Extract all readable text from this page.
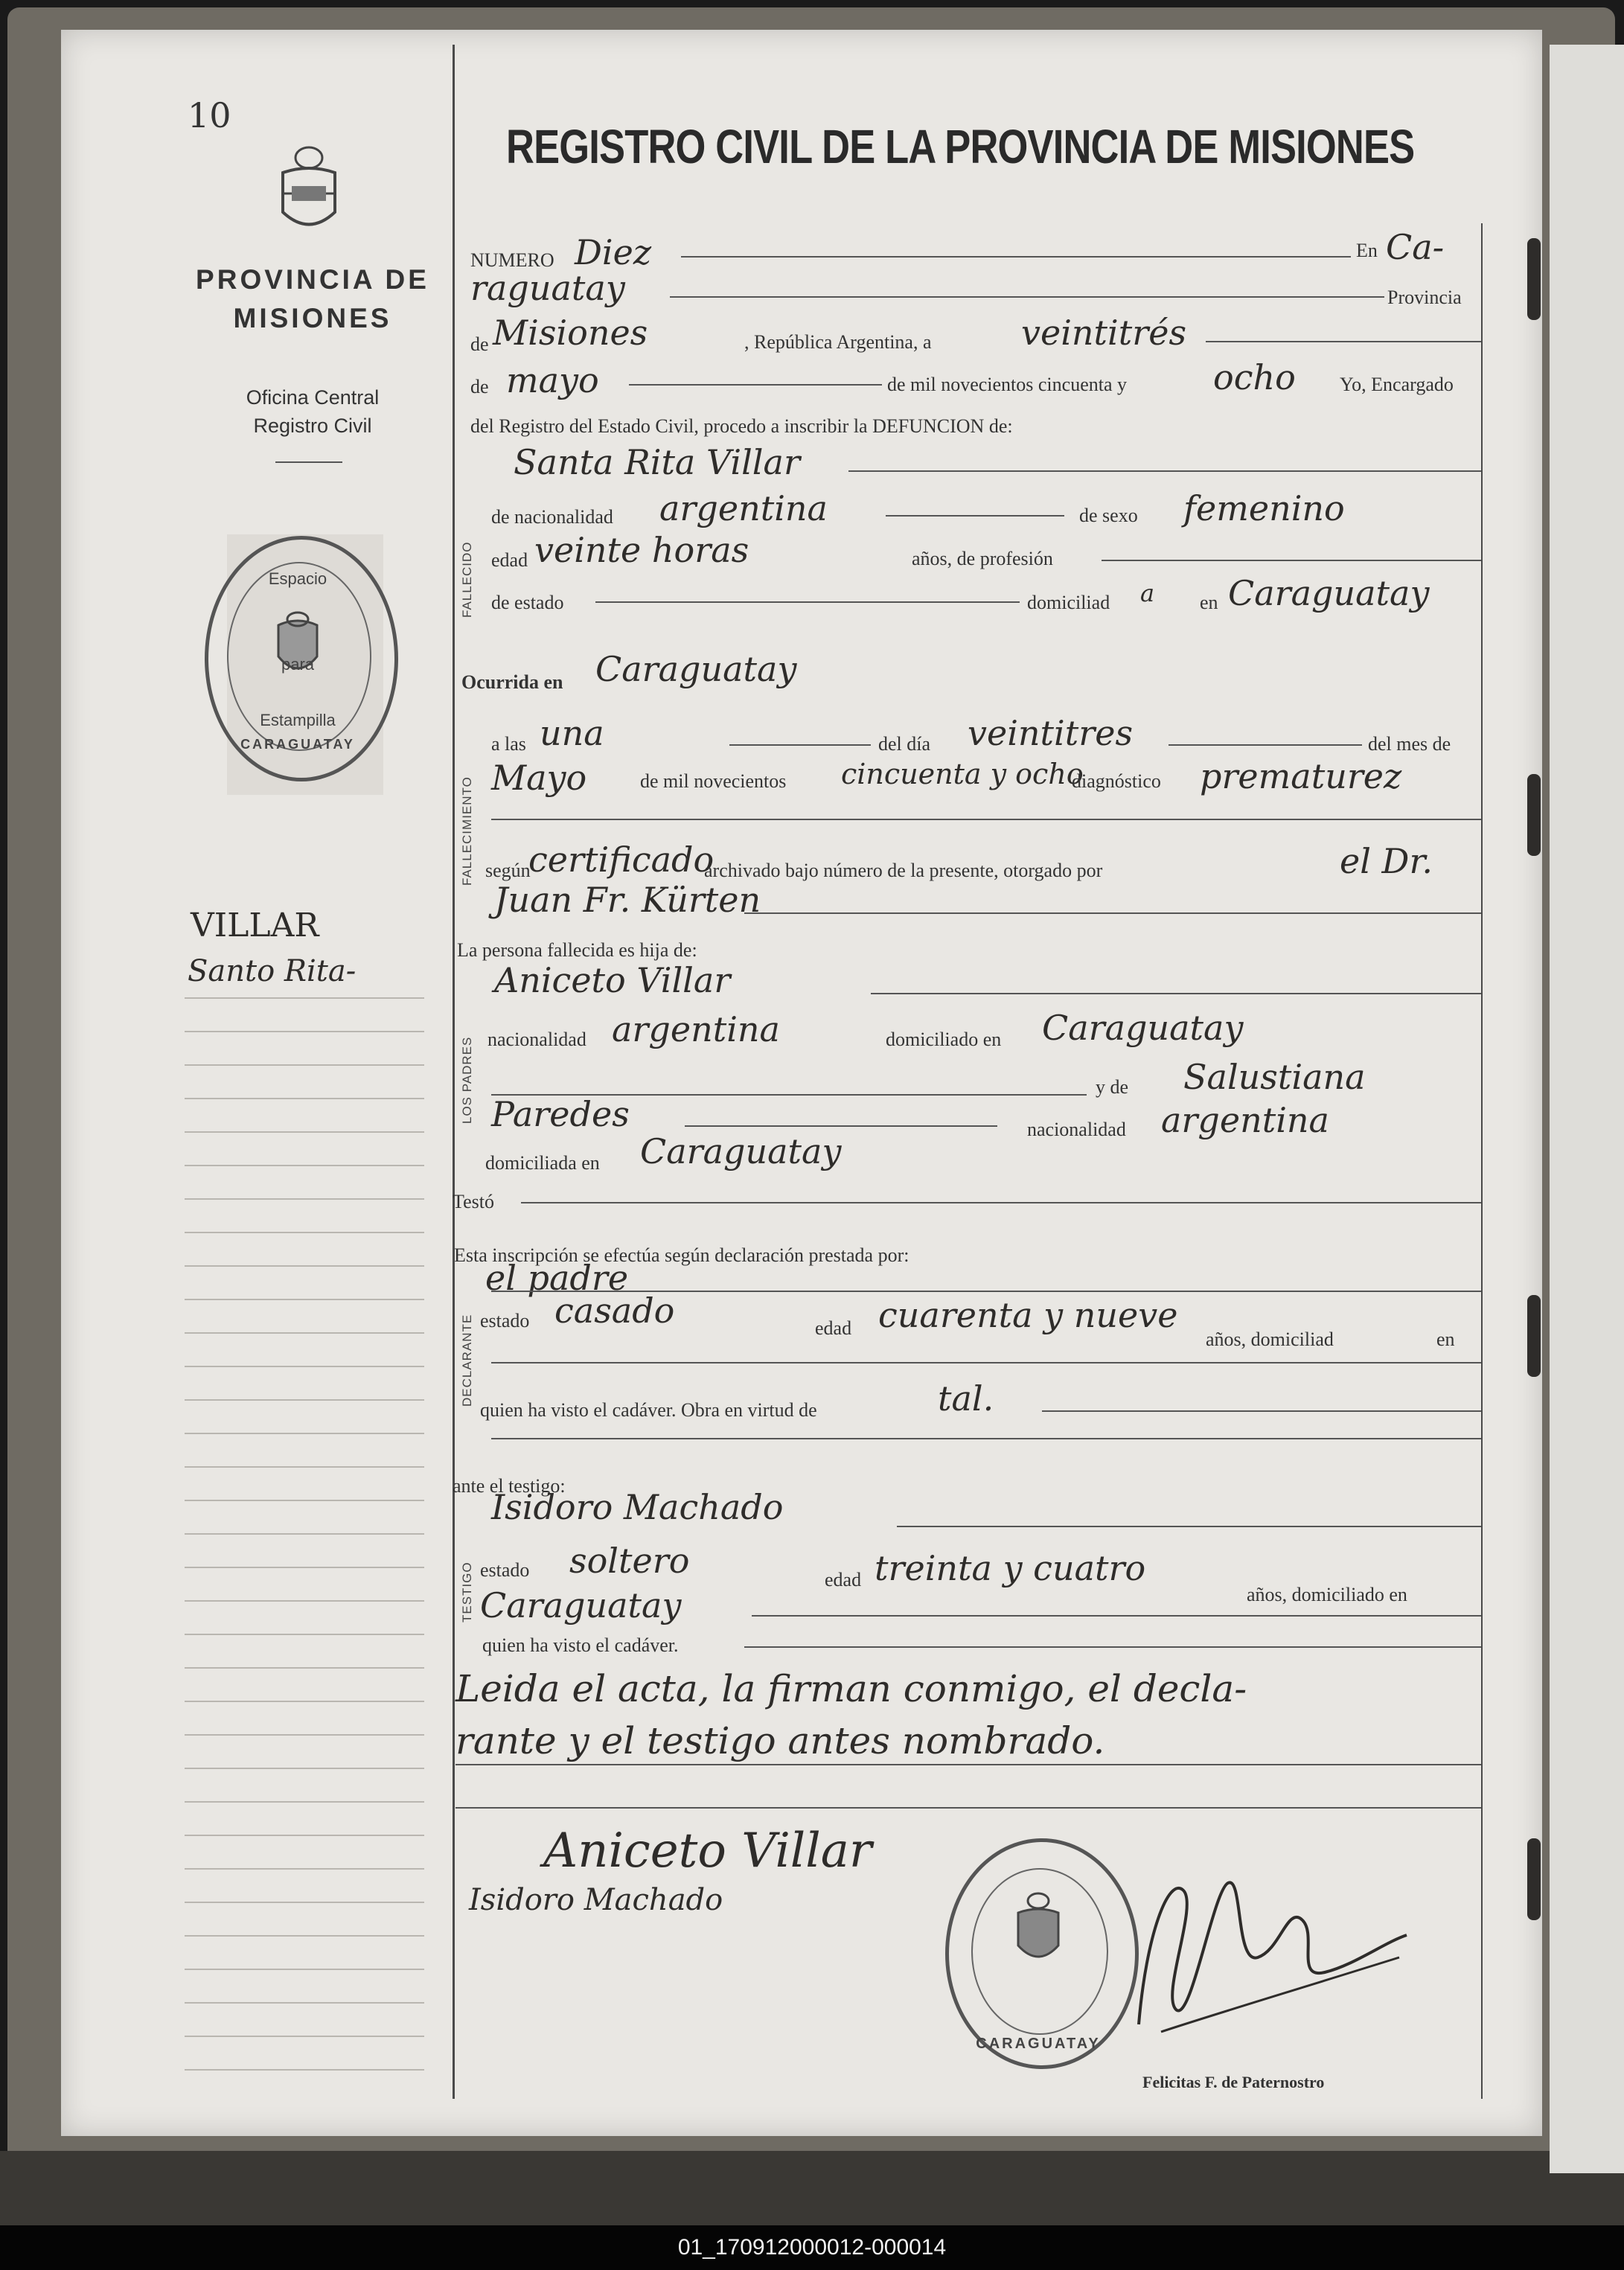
10
PROVINCIA DE
MISIONES
Oficina Central
Registro Civil
Espacio
para
Estampilla
CARAGUATAY
VILLAR
Santo Rita-
REGISTRO CIVIL DE LA PROVINCIA DE MISIONES
NUMERO Diez	En Ca-
raguatay	Provincia
de Misiones	, República Argentina, a	veintitrés
de mayo	de mil novecientos cincuenta y	ocho Yo, Encargado
del Registro del Estado Civil, procedo a inscribir la DEFUNCION de:
FALLECIDO
Santa Rita Villar
de nacionalidad argentina	de sexo femenino
edad veinte horas	años, de profesión
de estado	domiciliad a en Caraguatay
Ocurrida en Caraguatay
FALLECIMIENTO
a las una	del día veintitres	del mes de
Mayo	de mil novecientos cincuenta y ocho
diagnóstico prematurez
según
certificado
archivado bajo número de la presente, otorgado por	el Dr.
Juan Fr. Kürten
La persona fallecida es hija de:
LOS PADRES
Aniceto Villar
nacionalidad argentina	domiciliado en Caraguatay
y de Salustiana
Paredes	nacionalidad argentina
domiciliada en Caraguatay
Testó
Esta inscripción se efectúa según declaración prestada por:
DECLARANTE
el padre
estado casado	edad cuarenta y nueve
años, domiciliad	en
quien ha visto el cadáver. Obra en virtud de	tal.
ante el testigo:
TESTIGO
Isidoro Machado
estado soltero	edad treinta y cuatro
años, domiciliado en
Caraguatay
quien ha visto el cadáver.
Leida el acta, la firman conmigo, el decla-
rante y el testigo antes nombrado.
Aniceto Villar
Isidoro Machado
CARAGUATAY
Felicitas F. de Paternostro
01_170912000012-000014
